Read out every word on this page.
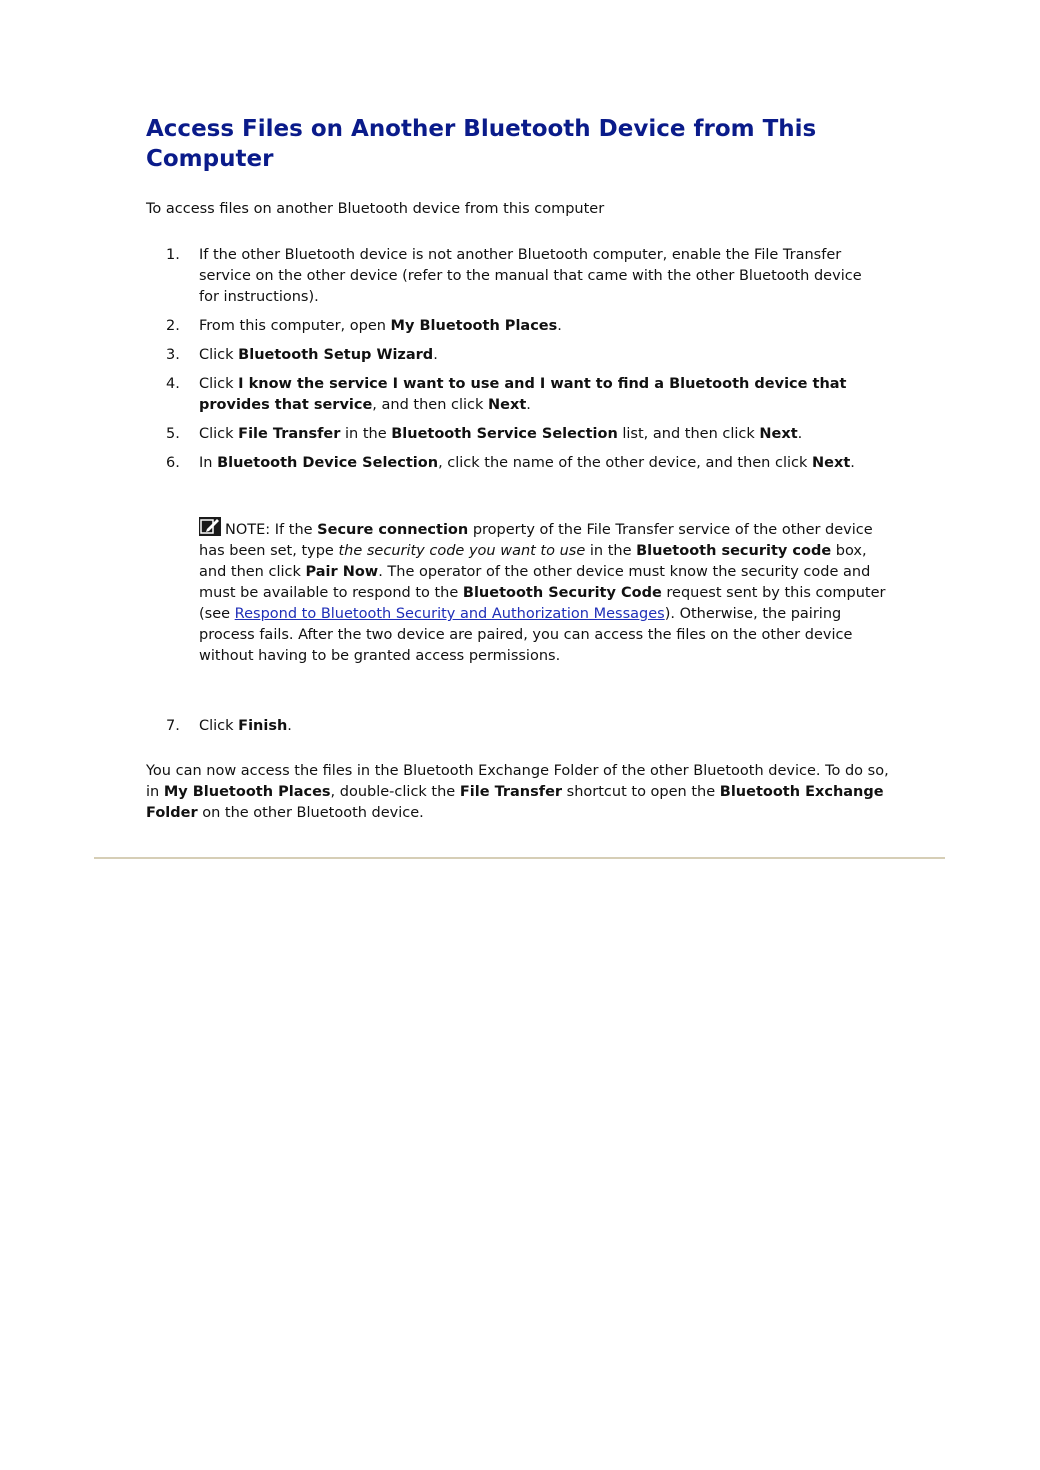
Access Files on Another Bluetooth Device from This Computer

To access files on another Bluetooth device from this computer

1.	If the other Bluetooth device is not another Bluetooth computer, enable the File Transfer service on the other device (refer to the manual that came with the other Bluetooth device for instructions).
2.	From this computer, open My Bluetooth Places.
3.	Click Bluetooth Setup Wizard.
4.	Click I know the service I want to use and I want to find a Bluetooth device that provides that service, and then click Next.
5.	Click File Transfer in the Bluetooth Service Selection list, and then click Next.
6.	In Bluetooth Device Selection, click the name of the other device, and then click Next.
NOTE: If the Secure connection property of the File Transfer service of the other device has been set, type the security code you want to use in the Bluetooth security code box, and then click Pair Now. The operator of the other device must know the security code and must be available to respond to the Bluetooth Security Code request sent by this computer (see Respond to Bluetooth Security and Authorization Messages). Otherwise, the pairing process fails. After the two device are paired, you can access the files on the other device without having to be granted access permissions.
7.	Click Finish.

You can now access the files in the Bluetooth Exchange Folder of the other Bluetooth device. To do so, in My Bluetooth Places, double-click the File Transfer shortcut to open the Bluetooth Exchange Folder on the other Bluetooth device.
